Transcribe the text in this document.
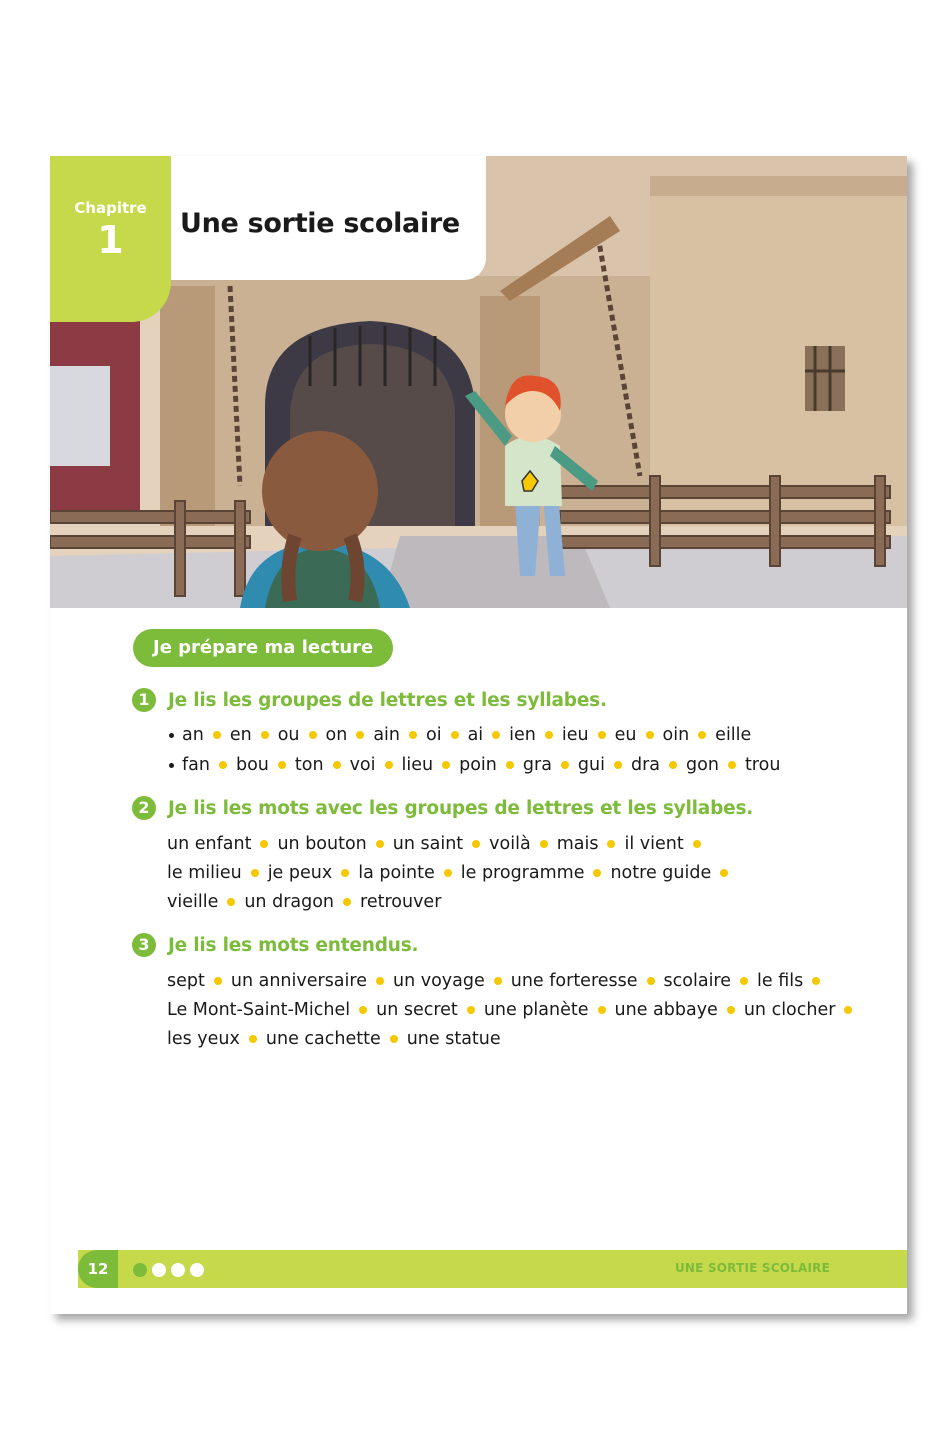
Une sortie scolaire
Chapitre
1
Je prépare ma lecture
1 Je lis les groupes de lettres et les syllabes.
an en ou on ain oi ai ien ieu eu oin eille
fan bou ton voi lieu poin gra gui dra gon trou
2 Je lis les mots avec les groupes de lettres et les syllabes.
un enfant un bouton un saint voilà mais il vient
le milieu je peux la pointe le programme notre guide
vieille un dragon retrouver
3 Je lis les mots entendus.
sept un anniversaire un voyage une forteresse scolaire le fils
Le Mont-Saint-Michel un secret une planète une abbaye un clocher
les yeux une cachette une statue
12	UNE SORTIE SCOLAIRE
